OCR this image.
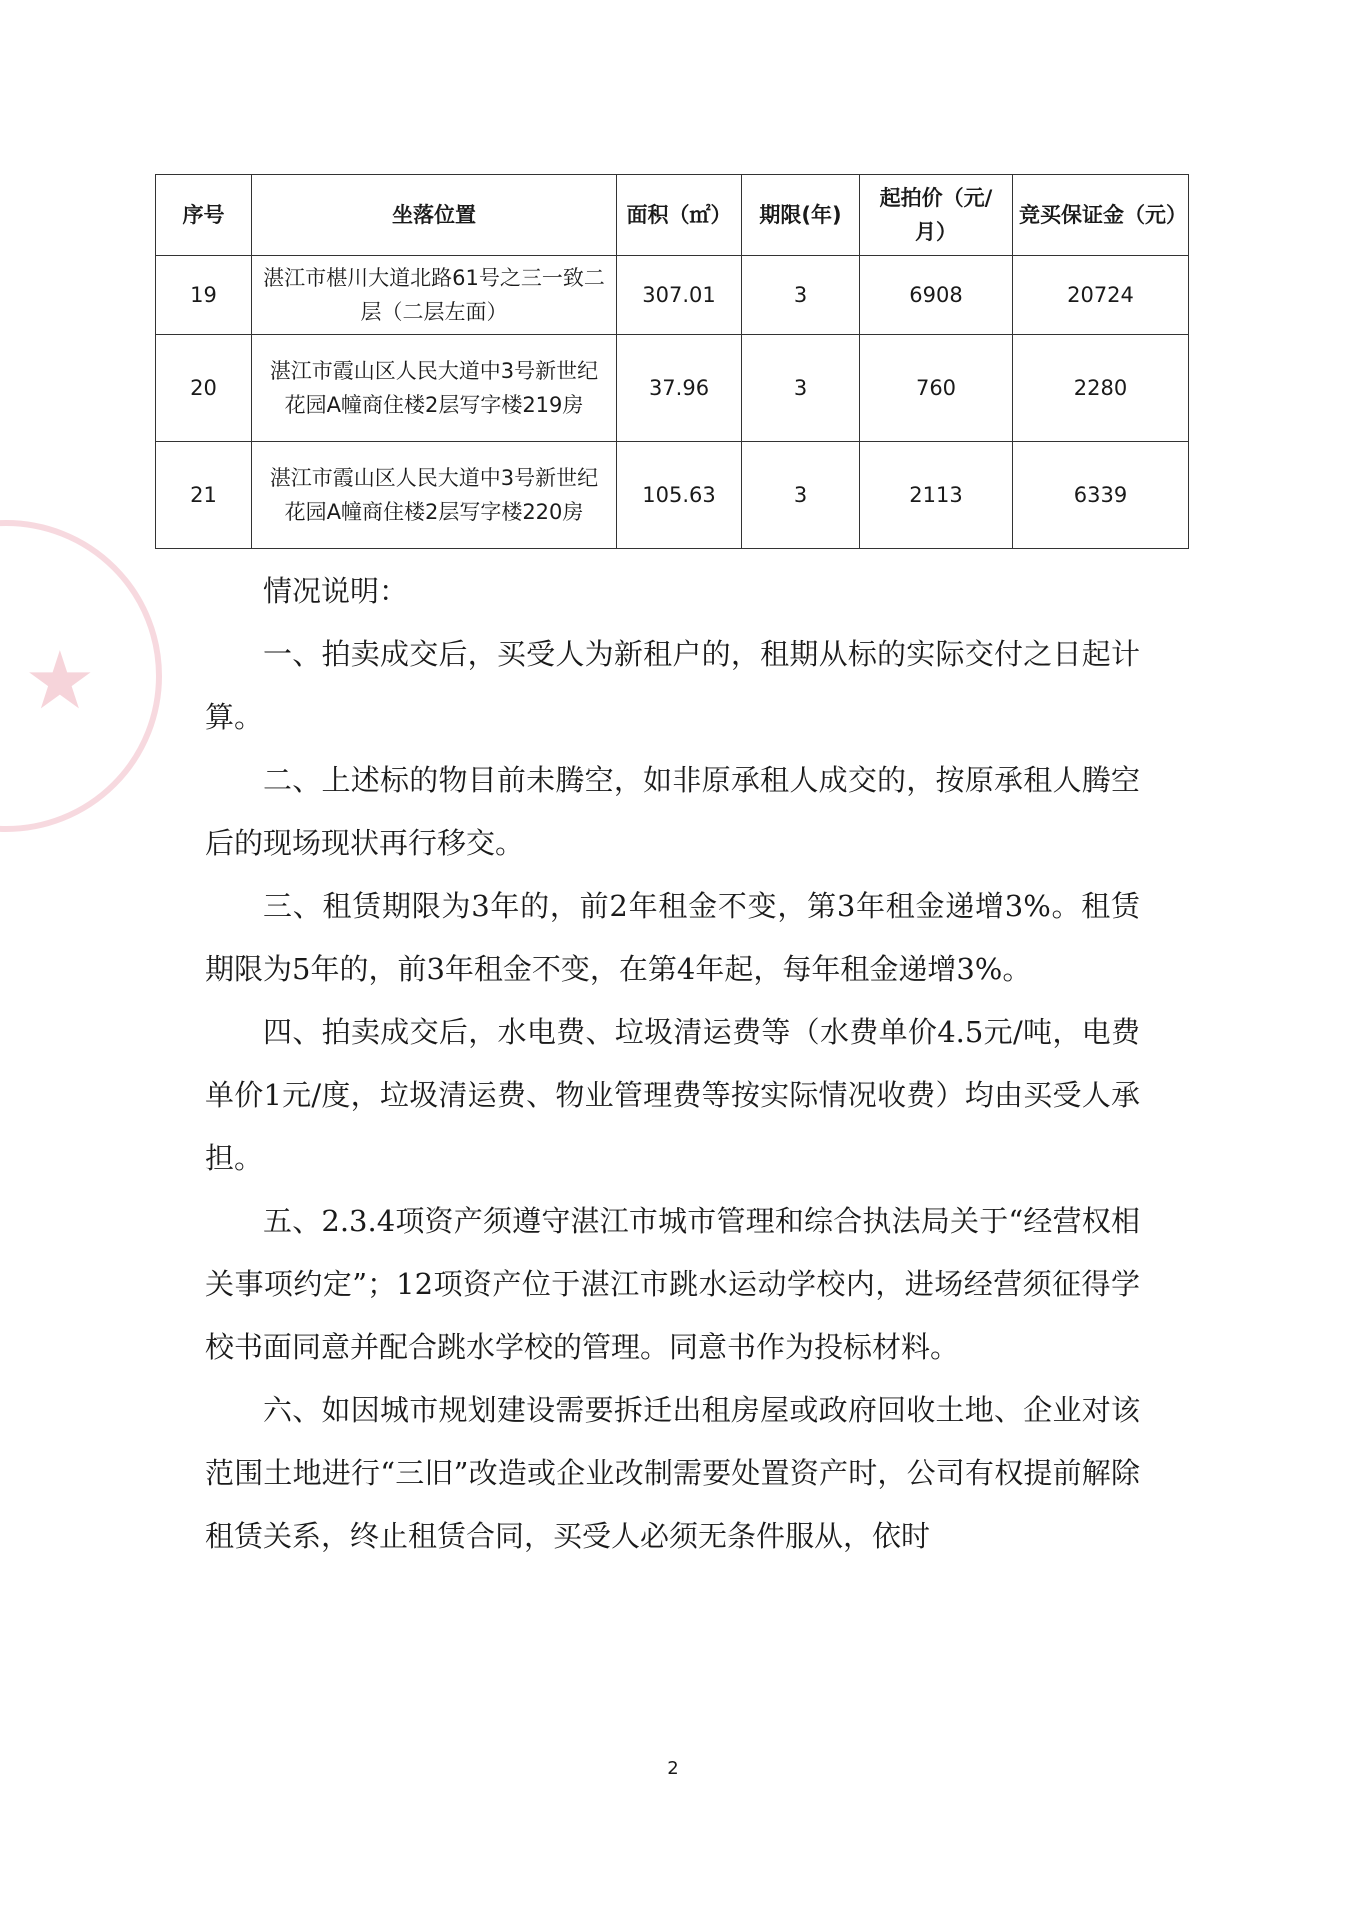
★
序号	坐落位置	面积（㎡）	期限(年)	起拍价（元/月）	竞买保证金（元）
19	湛江市椹川大道北路61号之三一致二层（二层左面）	307.01	3	6908	20724
20	湛江市霞山区人民大道中3号新世纪花园A幢商住楼2层写字楼219房	37.96	3	760	2280
21	湛江市霞山区人民大道中3号新世纪花园A幢商住楼2层写字楼220房	105.63	3	2113	6339

情况说明：

一、拍卖成交后，买受人为新租户的，租期从标的实际交付之日起计算。

二、上述标的物目前未腾空，如非原承租人成交的，按原承租人腾空后的现场现状再行移交。

三、租赁期限为3年的，前2年租金不变，第3年租金递增3%。租赁期限为5年的，前3年租金不变，在第4年起，每年租金递增3%。

四、拍卖成交后，水电费、垃圾清运费等（水费单价4.5元/吨，电费单价1元/度，垃圾清运费、物业管理费等按实际情况收费）均由买受人承担。

五、2.3.4项资产须遵守湛江市城市管理和综合执法局关于“经营权相关事项约定”；12项资产位于湛江市跳水运动学校内，进场经营须征得学校书面同意并配合跳水学校的管理。同意书作为投标材料。

六、如因城市规划建设需要拆迁出租房屋或政府回收土地、企业对该范围土地进行“三旧”改造或企业改制需要处置资产时，公司有权提前解除租赁关系，终止租赁合同，买受人必须无条件服从，依时

2
